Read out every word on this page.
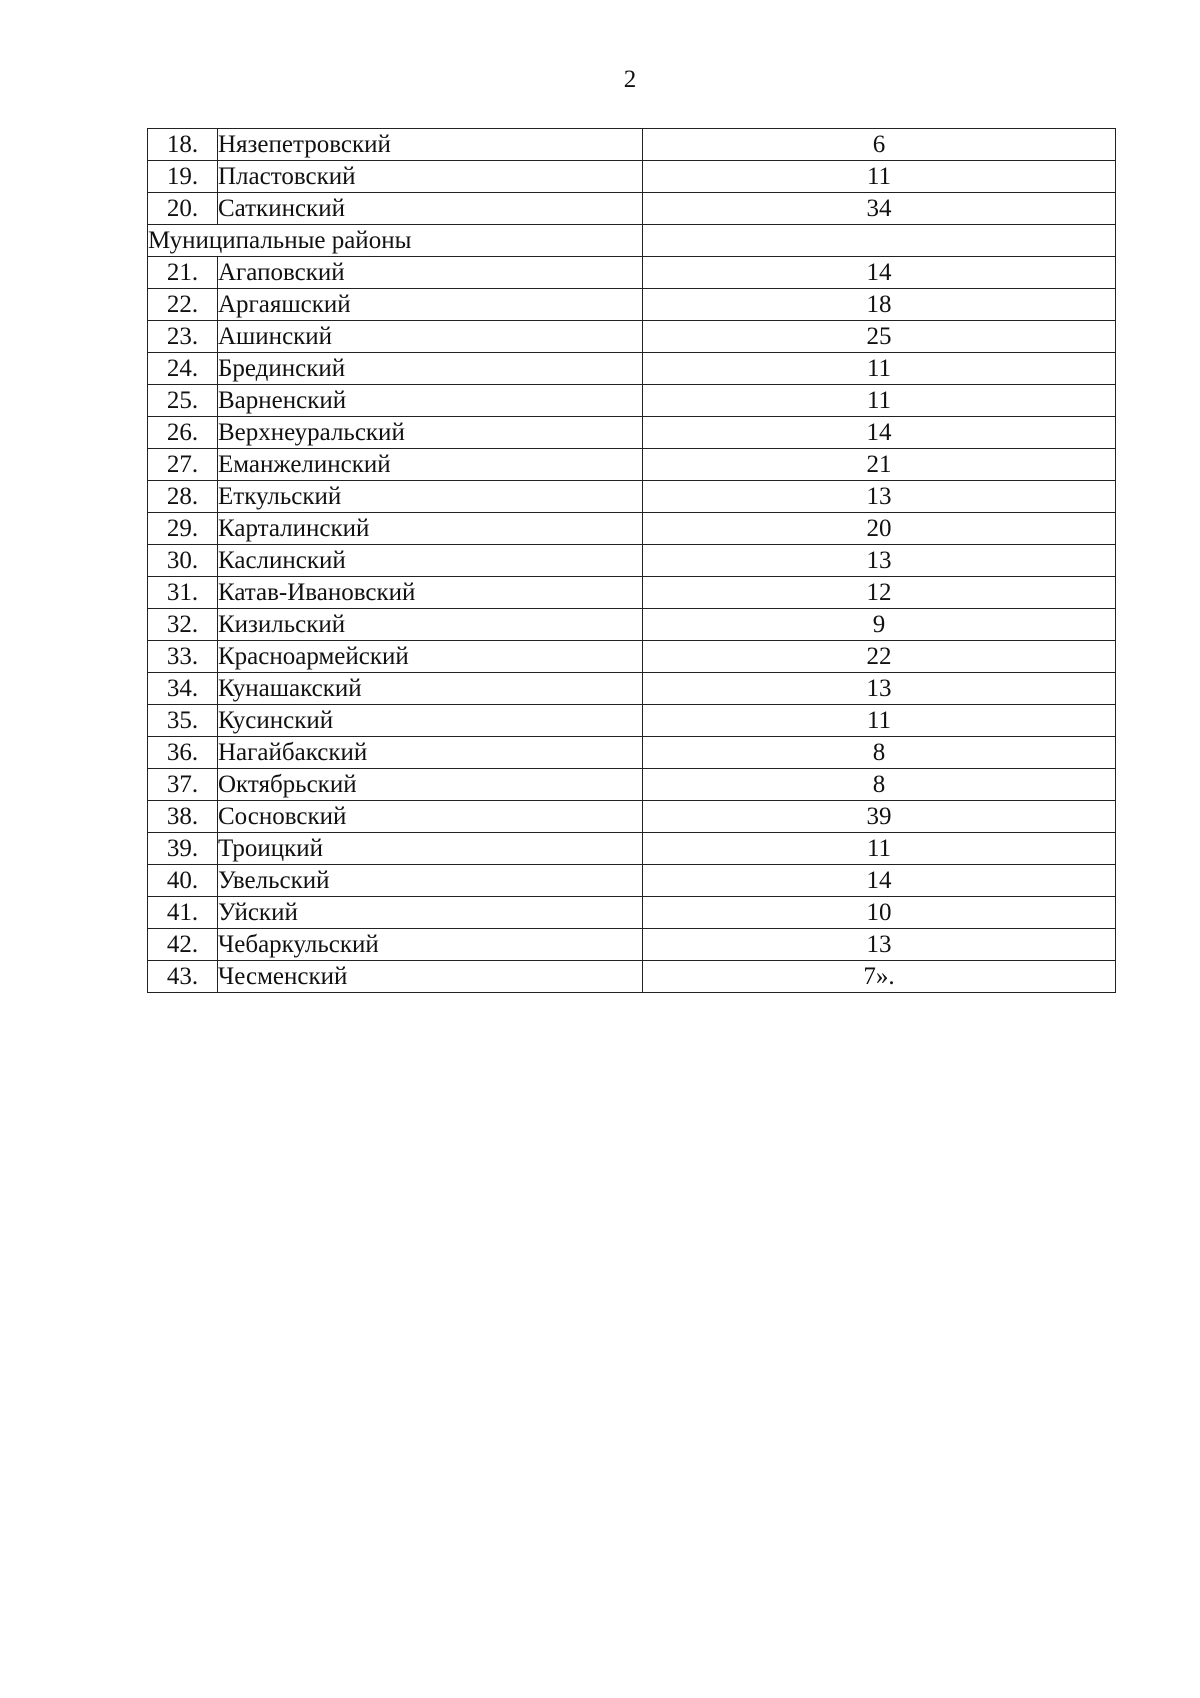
2
18.	Нязепетровский	6
19.	Пластовский	11
20.	Саткинский	34
Муниципальные районы		
21.	Агаповский	14
22.	Аргаяшский	18
23.	Ашинский	25
24.	Брединский	11
25.	Варненский	11
26.	Верхнеуральский	14
27.	Еманжелинский	21
28.	Еткульский	13
29.	Карталинский	20
30.	Каслинский	13
31.	Катав-Ивановский	12
32.	Кизильский	9
33.	Красноармейский	22
34.	Кунашакский	13
35.	Кусинский	11
36.	Нагайбакский	8
37.	Октябрьский	8
38.	Сосновский	39
39.	Троицкий	11
40.	Увельский	14
41.	Уйский	10
42.	Чебаркульский	13
43.	Чесменский	7».
